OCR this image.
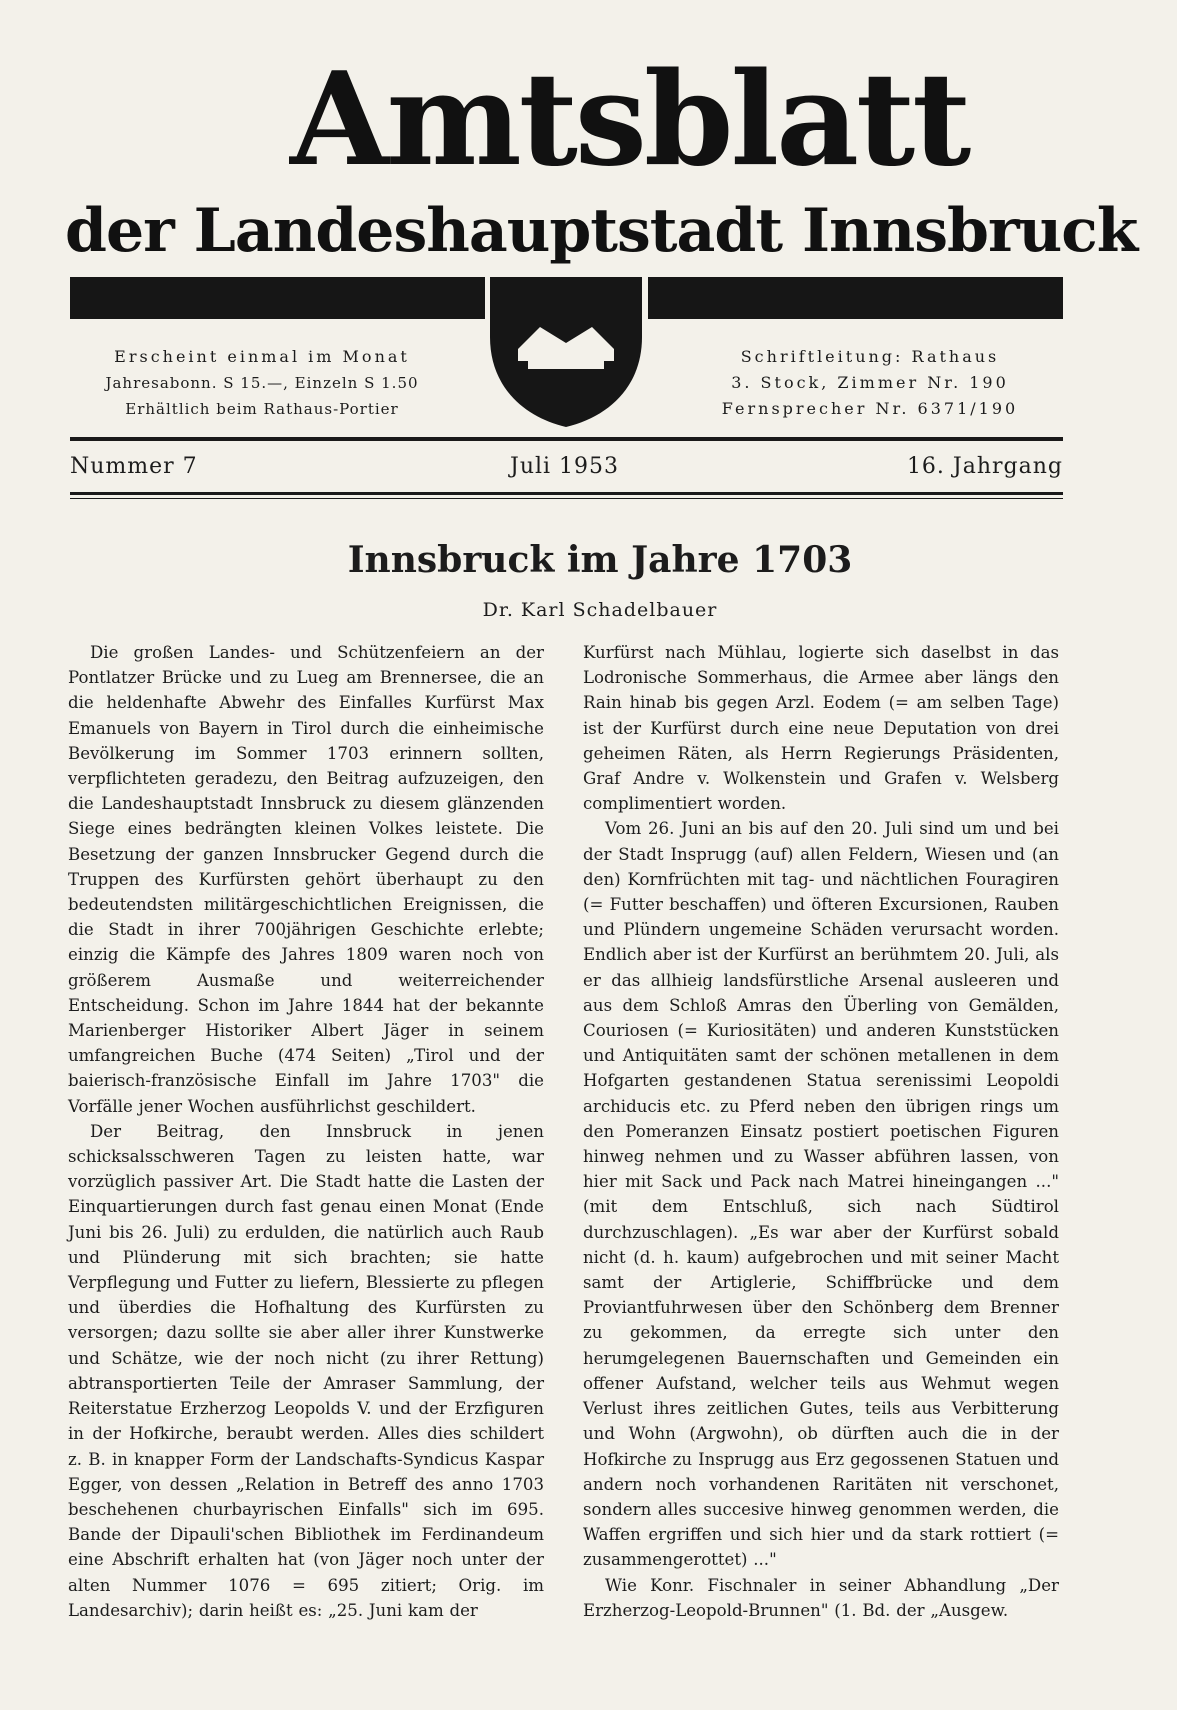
Amtsblatt
der Landeshauptstadt Innsbruck
Erscheint einmal im Monat
Jahresabonn. S 15.—, Einzeln S 1.50
Erhältlich beim Rathaus-Portier
Schriftleitung: Rathaus
3. Stock, Zimmer Nr. 190
Fernsprecher Nr. 6371/190
Nummer 7	Juli 1953	16. Jahrgang
Innsbruck im Jahre 1703
Dr. Karl Schadelbauer

Die großen Landes- und Schützenfeiern an der Pontlatzer Brücke und zu Lueg am Brennersee, die an die heldenhafte Abwehr des Einfalles Kurfürst Max Emanuels von Bayern in Tirol durch die einheimische Bevölkerung im Sommer 1703 erinnern sollten, verpflichteten geradezu, den Beitrag aufzuzeigen, den die Landeshauptstadt Innsbruck zu diesem glänzenden Siege eines bedrängten kleinen Volkes leistete. Die Besetzung der ganzen Innsbrucker Gegend durch die Truppen des Kurfürsten gehört überhaupt zu den bedeutendsten militärgeschichtlichen Ereignissen, die die Stadt in ihrer 700jährigen Geschichte erlebte; einzig die Kämpfe des Jahres 1809 waren noch von größerem Ausmaße und weiterreichender Entscheidung. Schon im Jahre 1844 hat der bekannte Marienberger Historiker Albert Jäger in seinem umfangreichen Buche (474 Seiten) „Tirol und der baierisch-französische Einfall im Jahre 1703" die Vorfälle jener Wochen ausführlichst geschildert.

Der Beitrag, den Innsbruck in jenen schicksalsschweren Tagen zu leisten hatte, war vorzüglich passiver Art. Die Stadt hatte die Lasten der Einquartierungen durch fast genau einen Monat (Ende Juni bis 26. Juli) zu erdulden, die natürlich auch Raub und Plünderung mit sich brachten; sie hatte Verpflegung und Futter zu liefern, Blessierte zu pflegen und überdies die Hofhaltung des Kurfürsten zu versorgen; dazu sollte sie aber aller ihrer Kunstwerke und Schätze, wie der noch nicht (zu ihrer Rettung) abtransportierten Teile der Amraser Sammlung, der Reiterstatue Erzherzog Leopolds V. und der Erzfiguren in der Hofkirche, beraubt werden. Alles dies schildert z. B. in knapper Form der Landschafts-Syndicus Kaspar Egger, von dessen „Relation in Betreff des anno 1703 beschehenen churbayrischen Einfalls" sich im 695. Bande der Dipauli'schen Bibliothek im Ferdinandeum eine Abschrift erhalten hat (von Jäger noch unter der alten Nummer 1076 = 695 zitiert; Orig. im Landesarchiv); darin heißt es: „25. Juni kam der

Kurfürst nach Mühlau, logierte sich daselbst in das Lodronische Sommerhaus, die Armee aber längs den Rain hinab bis gegen Arzl. Eodem (= am selben Tage) ist der Kurfürst durch eine neue Deputation von drei geheimen Räten, als Herrn Regierungs Präsidenten, Graf Andre v. Wolkenstein und Grafen v. Welsberg complimentiert worden.

Vom 26. Juni an bis auf den 20. Juli sind um und bei der Stadt Insprugg (auf) allen Feldern, Wiesen und (an den) Kornfrüchten mit tag- und nächtlichen Fouragiren (= Futter beschaffen) und öfteren Excursionen, Rauben und Plündern ungemeine Schäden verursacht worden. Endlich aber ist der Kurfürst an berühmtem 20. Juli, als er das allhieig landsfürstliche Arsenal ausleeren und aus dem Schloß Amras den Überling von Gemälden, Couriosen (= Kuriositäten) und anderen Kunststücken und Antiquitäten samt der schönen metallenen in dem Hofgarten gestandenen Statua serenissimi Leopoldi archiducis etc. zu Pferd neben den übrigen rings um den Pomeranzen Einsatz postiert poetischen Figuren hinweg nehmen und zu Wasser abführen lassen, von hier mit Sack und Pack nach Matrei hineingangen ..." (mit dem Entschluß, sich nach Südtirol durchzuschlagen). „Es war aber der Kurfürst sobald nicht (d. h. kaum) aufgebrochen und mit seiner Macht samt der Artiglerie, Schiffbrücke und dem Proviantfuhrwesen über den Schönberg dem Brenner zu gekommen, da erregte sich unter den herumgelegenen Bauernschaften und Gemeinden ein offener Aufstand, welcher teils aus Wehmut wegen Verlust ihres zeitlichen Gutes, teils aus Verbitterung und Wohn (Argwohn), ob dürften auch die in der Hofkirche zu Insprugg aus Erz gegossenen Statuen und andern noch vorhandenen Raritäten nit verschonet, sondern alles succesive hinweg genommen werden, die Waffen ergriffen und sich hier und da stark rottiert (= zusammengerottet) ..."

Wie Konr. Fischnaler in seiner Abhandlung „Der Erzherzog-Leopold-Brunnen" (1. Bd. der „Ausgew.
